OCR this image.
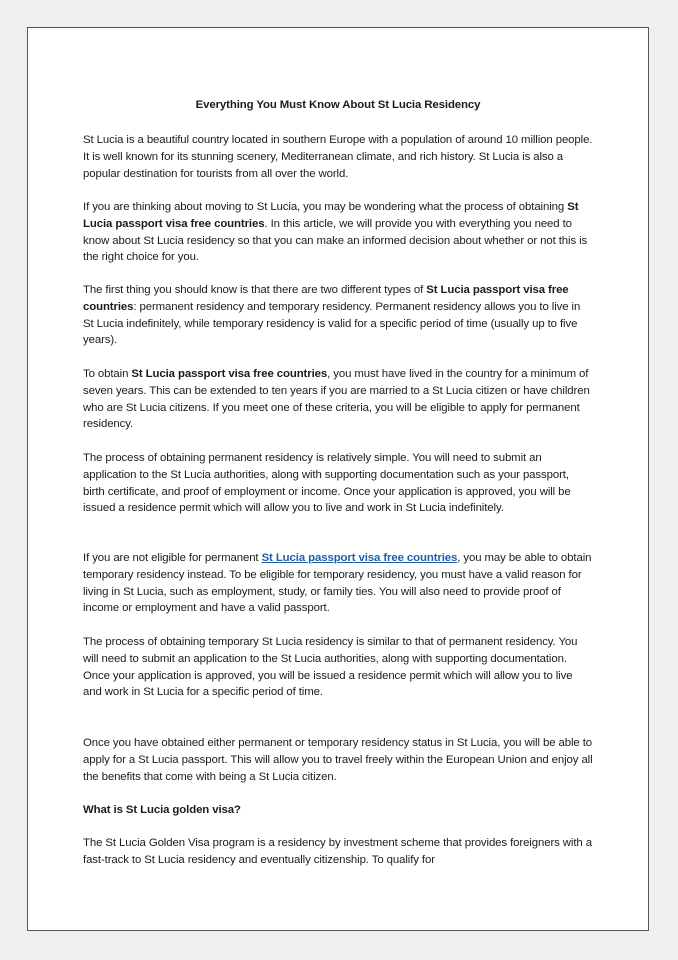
Everything You Must Know About St Lucia Residency

St Lucia is a beautiful country located in southern Europe with a population of around 10 million people. It is well known for its stunning scenery, Mediterranean climate, and rich history. St Lucia is also a popular destination for tourists from all over the world.

If you are thinking about moving to St Lucia, you may be wondering what the process of obtaining St Lucia passport visa free countries. In this article, we will provide you with everything you need to know about St Lucia residency so that you can make an informed decision about whether or not this is the right choice for you.

The first thing you should know is that there are two different types of St Lucia passport visa free countries: permanent residency and temporary residency. Permanent residency allows you to live in St Lucia indefinitely, while temporary residency is valid for a specific period of time (usually up to five years).

To obtain St Lucia passport visa free countries, you must have lived in the country for a minimum of seven years. This can be extended to ten years if you are married to a St Lucia citizen or have children who are St Lucia citizens. If you meet one of these criteria, you will be eligible to apply for permanent residency.

The process of obtaining permanent residency is relatively simple. You will need to submit an application to the St Lucia authorities, along with supporting documentation such as your passport, birth certificate, and proof of employment or income. Once your application is approved, you will be issued a residence permit which will allow you to live and work in St Lucia indefinitely.

If you are not eligible for permanent St Lucia passport visa free countries, you may be able to obtain temporary residency instead. To be eligible for temporary residency, you must have a valid reason for living in St Lucia, such as employment, study, or family ties. You will also need to provide proof of income or employment and have a valid passport.

The process of obtaining temporary St Lucia residency is similar to that of permanent residency. You will need to submit an application to the St Lucia authorities, along with supporting documentation. Once your application is approved, you will be issued a residence permit which will allow you to live and work in St Lucia for a specific period of time.

Once you have obtained either permanent or temporary residency status in St Lucia, you will be able to apply for a St Lucia passport. This will allow you to travel freely within the European Union and enjoy all the benefits that come with being a St Lucia citizen.

What is St Lucia golden visa?

The St Lucia Golden Visa program is a residency by investment scheme that provides foreigners with a fast-track to St Lucia residency and eventually citizenship. To qualify for
